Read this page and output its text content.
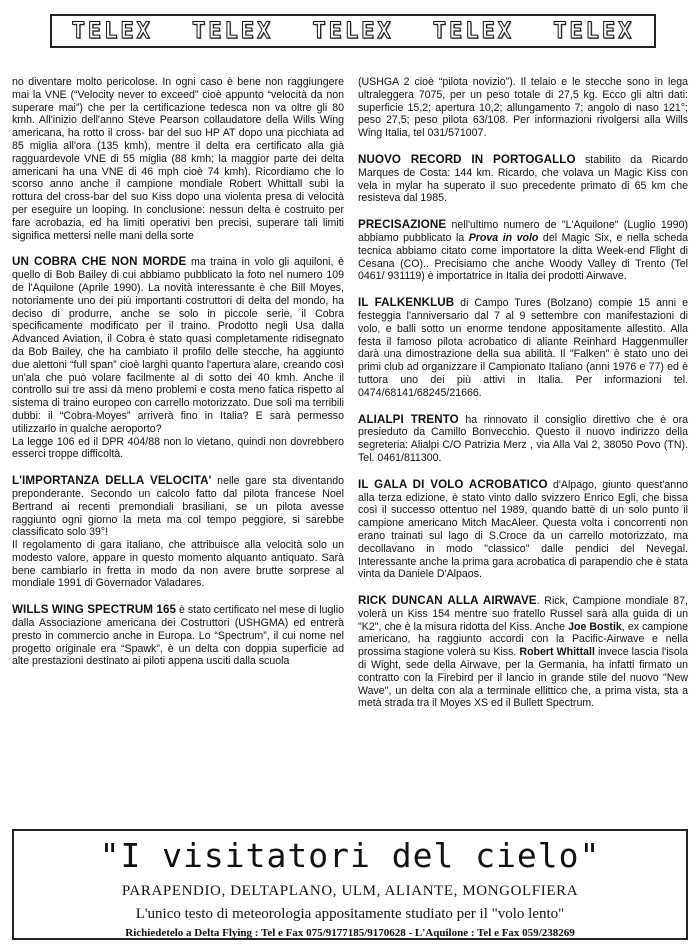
TELEX TELEX TELEX TELEX TELEX

no diventare molto pericolose. In ogni caso è bene non raggiungere mai la VNE (“Velocity never to exceed” cioè appunto “velocità da non superare mai”) che per la certificazione tedesca non va oltre gli 80 kmh. All'inizio dell'anno Steve Pearson collaudatore della Wills Wing americana, ha rotto il cross- bar del suo HP AT dopo una picchiata ad 85 miglia all'ora (135 kmh), mentre il deltа era certificato alla già ragguardevole VNE di 55 miglia (88 kmh; la maggior parte dei delta americani ha una VNE di 46 mph cioè 74 kmh). Ricordiamo che lo scorso anno anche il campione mondiale Robert Whittall subì la rottura del cross-bar del suo Kiss dopo una violenta presa di velocità per eseguire un looping. In conclusione: nessun delta è costruito per fare acrobazia, ed ha limiti operativi ben precisi, superare tali limiti significa mettersi nelle mani della sorte

UN COBRA CHE NON MORDE ma traina in volo gli aquiloni, è quello di Bob Bailey di cui abbiamo pubblicato la foto nel numero 109 de l'Aquilone (Aprile 1990). La novità interessante è che Bill Moyes, notoriamente uno dei più importanti costruttori di delta del mondo, ha deciso di produrre, anche se solo in piccole serie, il Cobra specificamente modificato per il traino. Prodotto negli Usa dalla Advanced Aviation, il Cobra è stato quasi completamente ridisegnato da Bob Bailey, che ha cambiato il profilo delle stecche, ha aggiunto due alettoni “full span” cioè larghi quanto l'apertura alare, creando così un'ala che può volare facilmente al di sotto dei 40 kmh. Anche il controllo sui tre assi dà meno problemi e costa meno fatica rispetto al sistema di traino europeo con carrello motorizzato. Due soli ma terribili dubbi: il “Cobra-Moyes” arriverà fino in Italia? E sarà permesso utilizzarlo in qualche aeroporto?

La legge 106 ed il DPR 404/88 non lo vietano, quindi non dovrebbero esserci troppe difficoltà.

L'IMPORTANZA DELLA VELOCITA' nelle gare sta diventando preponderante. Secondo un calcolo fatto dal pilota francese Noel Bertrand ai recenti premondiali brasiliani, se un pilota avesse raggiunto ogni giorno la meta ma col tempo peggiore, si sarebbe classificato solo 39°!

Il regolamento di gara italiano, che attribuisce alla velocità solo un modesto valore, appare in questo momento alquanto antiquato. Sarà bene cambiarlo in fretta in modo da non avere brutte sorprese al mondiale 1991 di Governador Valadares.

WILLS WING SPECTRUM 165 è stato certificato nel mese di luglio dalla Associazione americana dei Costruttori (USHGMA) ed entrerà presto in commercio anche in Europa. Lo “Spectrum”, il cui nome nel progetto originale era “Spawk”, è un delta con doppia superficie ad alte prestazioni destinato ai piloti appena usciti dalla scuola

(USHGA 2 cioè “pilota novizio”). Il telaio e le stecche sono in lega ultraleggera 7075, per un peso totale di 27,5 kg. Ecco gli altri dati: superficie 15,2; apertura 10,2; allungamento 7; angolo di naso 121°; peso 27,5; peso pilota 63/108. Per informazioni rivolgersi alla Wills Wing Italia, tel 031/571007.

NUOVO RECORD IN PORTOGALLO stabilito da Ricardo Marques de Costa: 144 km. Ricardo, che volava un Magic Kiss con vela in mylar ha superato il suo precedente primato di 65 km che resisteva dal 1985.

PRECISAZIONE nell'ultimo numero de "L'Aquilone" (Luglio 1990) abbiamo pubblicato la Prova in volo del Magic Six, e nella scheda tecnica abbiamo citato come importatore la ditta Week-end Flight di Cesana (CO).. Precisiamo che anche Woody Valley di Trento (Tel 0461/ 931119) è importatrice in Italia dei prodotti Airwave.

IL FALKENKLUB di Campo Tures (Bolzano) compie 15 anni e festeggia l'anniversario dal 7 al 9 settembre con manifestazioni di volo, e balli sotto un enorme tendone appositamente allestito. Alla festa il famoso pilota acrobatico di aliante Reinhard Haggenmuller darà una dimostrazione della sua abilità. Il "Falken" è stato uno dei primi club ad organizzare il Campionato Italiano (anni 1976 e 77) ed è tuttora uno dei più attivi in Italia. Per informazioni tel. 0474/68141/68245/21666.

ALIALPI TRENTO ha rinnovato il consiglio direttivo che è ora presieduto da Camillo Bonvecchio. Questo il nuovo indirizzo della segreteria: Alialpi C/O Patrizia Merz , via Alla Val 2, 38050 Povo (TN). Tel. 0461/811300.

IL GALA DI VOLO ACROBATICO d'Alpago, giunto quest'anno alla terza edizione, è stato vinto dallo svizzero Enrico Egli, che bissa così il successo ottentuo nel 1989, quando battè di un solo punto il campione americano Mitch MacAleer. Questa volta i concorrenti non erano trainati sul lago di S.Croce da un carrello motorizzato, ma decollavano in modo "classico" dalle pendici del Nevegal. Interessante anche la prima gara acrobatica di parapendio che è stata vinta da Daniele D'Alpaos.

RICK DUNCAN ALLA AIRWAVE. Rick, Campione mondiale 87, volerà un Kiss 154 mentre suo fratello Russel sarà alla guida di un "K2", che è la misura ridotta del Kiss. Anche Joe Bostik, ex campione americano, ha raggiunto accordi con la Pacific-Airwave e nella prossima stagione volerà su Kiss. Robert Whittall invece lascia l'isola di Wight, sede della Airwave, per la Germania, ha infatti firmato un contratto con la Firebird per il lancio in grande stile del nuovo "New Wave", un delta con ala a terminale ellittico che, a prima vista, sta a metà strada tra il Moyes XS ed il Bullett Spectrum.

"I visitatori del cielo"
PARAPENDIO, DELTAPLANO, ULM, ALIANTE, MONGOLFIERA
L'unico testo di meteorologia appositamente studiato per il "volo lento"
Richiedetelo a Delta Flying : Tel e Fax 075/9177185/9170628 - L'Aquilone : Tel e Fax 059/238269
